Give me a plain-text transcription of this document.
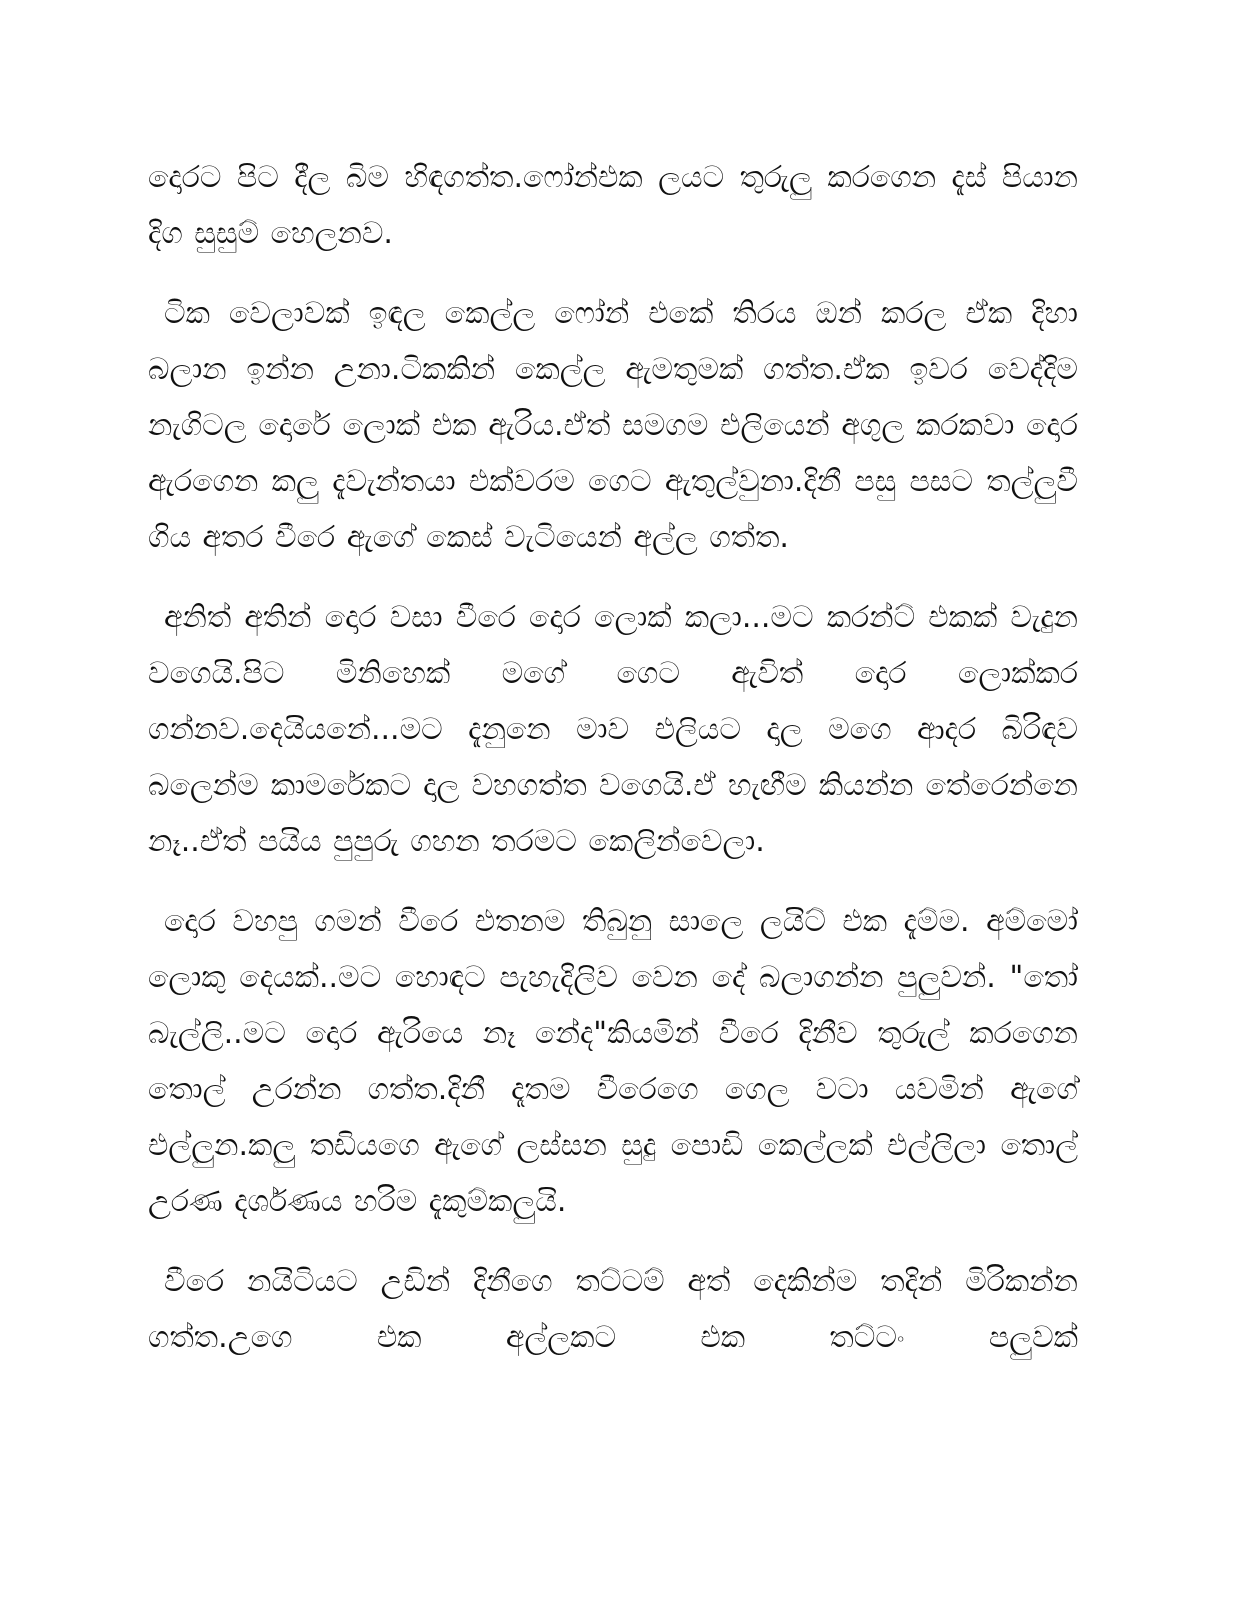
දොරට පිට දීල බිම හිඳගත්ත.ෆෝන්එක ලයට තුරුලු කරගෙන දැස් පියාන දිග සුසුම් හෙලනව.

ටික වෙලාවක් ඉඳල කෙල්ල ෆෝන් එකේ තිරය ඔන් කරල ඒක දිහා බලාන ඉන්න උනා.ටිකකින් කෙල්ල ඇමතුමක් ගත්ත.ඒක ඉවර වෙද්දිම නැගිටල දොරේ ලොක් එක ඇරිය.ඒත් සමගම එලියෙන් අගුල කරකවා දොර ඇරගෙන කලු දැවැන්තයා එක්වරම ගෙට ඇතුල්වුනා.දිනී පසු පසට තල්ලුවී ගිය අතර වීරෙ ඇගේ කෙස් වැටියෙන් අල්ල ගත්ත.

අනිත් අතින් දොර වසා වීරෙ දොර ලොක් කලා...මට කරන්ට් එකක් වැදුන වගෙයි.පිට මිනිහෙක් මගේ ගෙට ඇවිත් දොර ලොක්කර ගන්නව.දෙයියනේ...මට දැනුනෙ මාව එලියට දාල මගෙ ආදර බිරිඳව බලෙන්ම කාමරේකට දාල වහගත්ත වගෙයි.ඒ හැඟීම කියන්න තේරෙන්නෙ නෑ..ඒත් පයිය පුපුරු ගහන තරමට කෙලින්වෙලා.

දොර වහපු ගමන් වීරෙ එතනම තිබුනු සාලෙ ලයිට් එක දැම්ම. අම්මෝ ලොකු දෙයක්..මට හොඳට පැහැදිලිව වෙන දේ බලාගන්න පුලුවන්. "තෝ බැල්ලි..මට දොර ඇරියෙ නෑ නේද"කියමින් වීරෙ දිනීව තුරුල් කරගෙන තොල් උරන්න ගත්ත.දිනී දෑතම වීරෙගෙ ගෙල වටා යවමින් ඇගේ එල්ලුන.කලු තඩියගෙ ඇගේ ලස්සන සුදු පොඩි කෙල්ලක් එල්ලිලා තොල් උරණ දර්ශණය හරිම දැකුම්කලුයි.

වීරෙ නයිටියට උඩින් දිනීගෙ තට්ටම් අත් දෙකින්ම තදින් මිරිකන්න ගත්ත.උගෙ එක අල්ලකට එක තට්ටං පලුවක්
